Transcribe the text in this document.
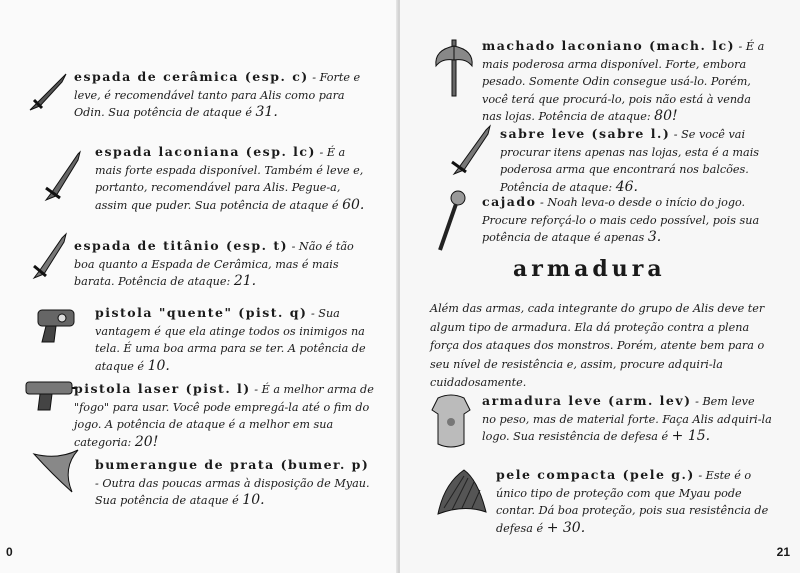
espada de cerâmica (esp. c) - Forte e leve, é recomendável tanto para Alis como para Odin. Sua potência de ataque é 31.
espada laconiana (esp. lc) - É a mais forte espada disponível. Também é leve e, portanto, recomendável para Alis. Pegue-a, assim que puder. Sua potência de ataque é 60.
espada de titânio (esp. t) - Não é tão boa quanto a Espada de Cerâmica, mas é mais barata. Potência de ataque: 21.
pistola "quente" (pist. q) - Sua vantagem é que ela atinge todos os inimigos na tela. É uma boa arma para se ter. A potência de ataque é 10.
pistola laser (pist. l) - É a melhor arma de "fogo" para usar. Você pode empregá-la até o fim do jogo. A potência de ataque é a melhor em sua categoria: 20!
bumerangue de prata (bumer. p) - Outra das poucas armas à disposição de Myau. Sua potência de ataque é 10.
0
machado laconiano (mach. lc) - É a mais poderosa arma disponível. Forte, embora pesado. Somente Odin consegue usá-lo. Porém, você terá que procurá-lo, pois não está à venda nas lojas. Potência de ataque: 80!
sabre leve (sabre l.) - Se você vai procurar itens apenas nas lojas, esta é a mais poderosa arma que encontrará nos balcões. Potência de ataque: 46.
cajado - Noah leva-o desde o início do jogo. Procure reforçá-lo o mais cedo possível, pois sua potência de ataque é apenas 3.
armadura
Além das armas, cada integrante do grupo de Alis deve ter algum tipo de armadura. Ela dá proteção contra a plena força dos ataques dos monstros. Porém, atente bem para o seu nível de resistência e, assim, procure adquiri-la cuidadosamente.
armadura leve (arm. lev) - Bem leve no peso, mas de material forte. Faça Alis adquiri-la logo. Sua resistência de defesa é + 15.
pele compacta (pele g.) - Este é o único tipo de proteção com que Myau pode contar. Dá boa proteção, pois sua resistência de defesa é + 30.
21
